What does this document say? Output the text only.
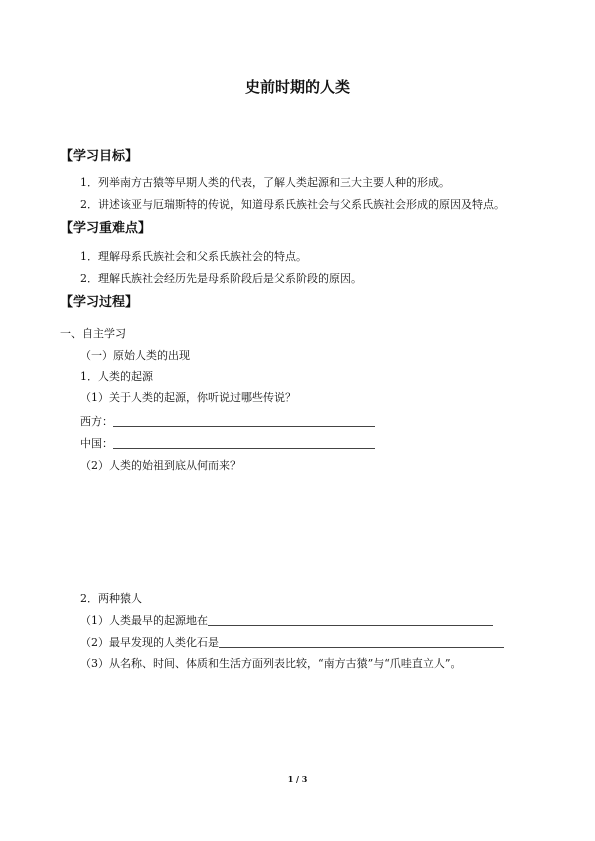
史前时期的人类
【学习目标】
1．列举南方古猿等早期人类的代表，了解人类起源和三大主要人种的形成。
2．讲述该亚与厄瑞斯特的传说，知道母系氏族社会与父系氏族社会形成的原因及特点。
【学习重难点】
1．理解母系氏族社会和父系氏族社会的特点。
2．理解氏族社会经历先是母系阶段后是父系阶段的原因。
【学习过程】
一、自主学习
（一）原始人类的出现
1．人类的起源
（1）关于人类的起源，你听说过哪些传说？
西方：
中国：
（2）人类的始祖到底从何而来？
2．两种猿人
（1）人类最早的起源地在
（2）最早发现的人类化石是
（3）从名称、时间、体质和生活方面列表比较，“南方古猿”与“爪哇直立人”。
1 / 3
